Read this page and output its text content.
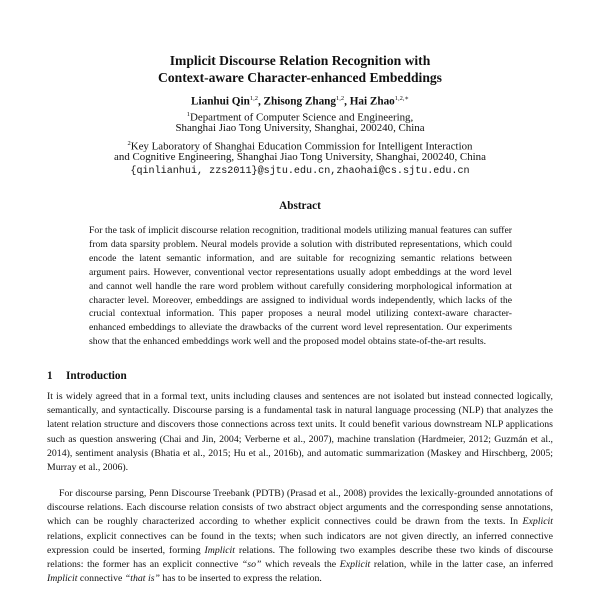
Implicit Discourse Relation Recognition with
Context-aware Character-enhanced Embeddings
Lianhui Qin$^{1,2}$, Zhisong Zhang$^{1,2}$, Hai Zhao$^{1,2,∗}$
$^1$Department of Computer Science and Engineering,
Shanghai Jiao Tong University, Shanghai, 200240, China
$^2$Key Laboratory of Shanghai Education Commission for Intelligent Interaction
and Cognitive Engineering, Shanghai Jiao Tong University, Shanghai, 200240, China
{qinlianhui, zzs2011}@sjtu.edu.cn,zhaohai@cs.sjtu.edu.cn
Abstract
For the task of implicit discourse relation recognition, traditional models utilizing manual features can suffer from data sparsity problem. Neural models provide a solution with distributed representations, which could encode the latent semantic information, and are suitable for recognizing semantic relations between argument pairs. However, conventional vector representations usually adopt embeddings at the word level and cannot well handle the rare word problem without carefully considering morphological information at character level. Moreover, embeddings are assigned to individual words independently, which lacks of the crucial contextual information. This paper proposes a neural model utilizing context-aware character-enhanced embeddings to alleviate the drawbacks of the current word level representation. Our experiments show that the enhanced embeddings work well and the proposed model obtains state-of-the-art results.
1 Introduction
It is widely agreed that in a formal text, units including clauses and sentences are not isolated but instead connected logically, semantically, and syntactically. Discourse parsing is a fundamental task in natural language processing (NLP) that analyzes the latent relation structure and discovers those connections across text units. It could benefit various downstream NLP applications such as question answering (Chai and Jin, 2004; Verberne et al., 2007), machine translation (Hardmeier, 2012; Guzmán et al., 2014), sentiment analysis (Bhatia et al., 2015; Hu et al., 2016b), and automatic summarization (Maskey and Hirschberg, 2005; Murray et al., 2006).
For discourse parsing, Penn Discourse Treebank (PDTB) (Prasad et al., 2008) provides the lexically-grounded annotations of discourse relations. Each discourse relation consists of two abstract object arguments and the corresponding sense annotations, which can be roughly characterized according to whether explicit connectives could be drawn from the texts. In Explicit relations, explicit connectives can be found in the texts; when such indicators are not given directly, an inferred connective expression could be inserted, forming Implicit relations. The following two examples describe these two kinds of discourse relations: the former has an explicit connective “so” which reveals the Explicit relation, while in the latter case, an inferred Implicit connective “that is” has to be inserted to express the relation.
